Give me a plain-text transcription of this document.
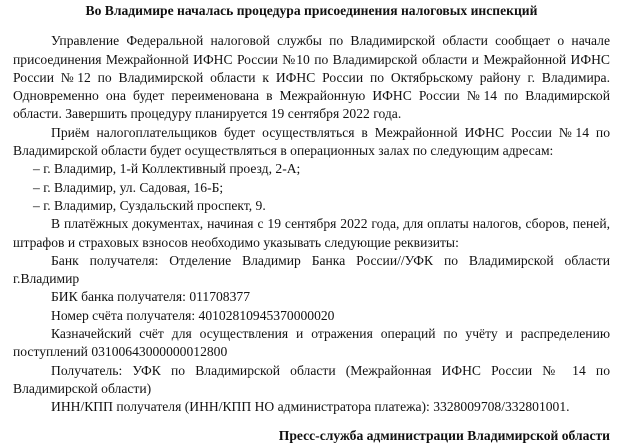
Во Владимире началась процедура присоединения налоговых инспекций

Управление Федеральной налоговой службы по Владимирской области сообщает о начале присоединения Межрайонной ИФНС России №10 по Владимирской области и Межрайонной ИФНС России №12 по Владимирской области к ИФНС России по Октябрьскому району г. Владимира. Одновременно она будет переименована в Межрайонную ИФНС России №14 по Владимирской области. Завершить процедуру планируется 19 сентября 2022 года.

Приём налогоплательщиков будет осуществляться в Межрайонной ИФНС России №14 по Владимирской области будет осуществляться в операционных залах по следующим адресам:

– г. Владимир, 1-й Коллективный проезд, 2-А;

– г. Владимир, ул. Садовая, 16-Б;

– г. Владимир, Суздальский проспект, 9.

В платёжных документах, начиная с 19 сентября 2022 года, для оплаты налогов, сборов, пеней, штрафов и страховых взносов необходимо указывать следующие реквизиты:

Банк получателя: Отделение Владимир Банка России//УФК по Владимирской области г.Владимир

БИК банка получателя: 011708377

Номер счёта получателя: 40102810945370000020

Казначейский счёт для осуществления и отражения операций по учёту и распределению поступлений 03100643000000012800

Получатель: УФК по Владимирской области (Межрайонная ИФНС России № 14 по Владимирской области)

ИНН/КПП получателя (ИНН/КПП НО администратора платежа): 3328009708/332801001.

Пресс-служба администрации Владимирской области
